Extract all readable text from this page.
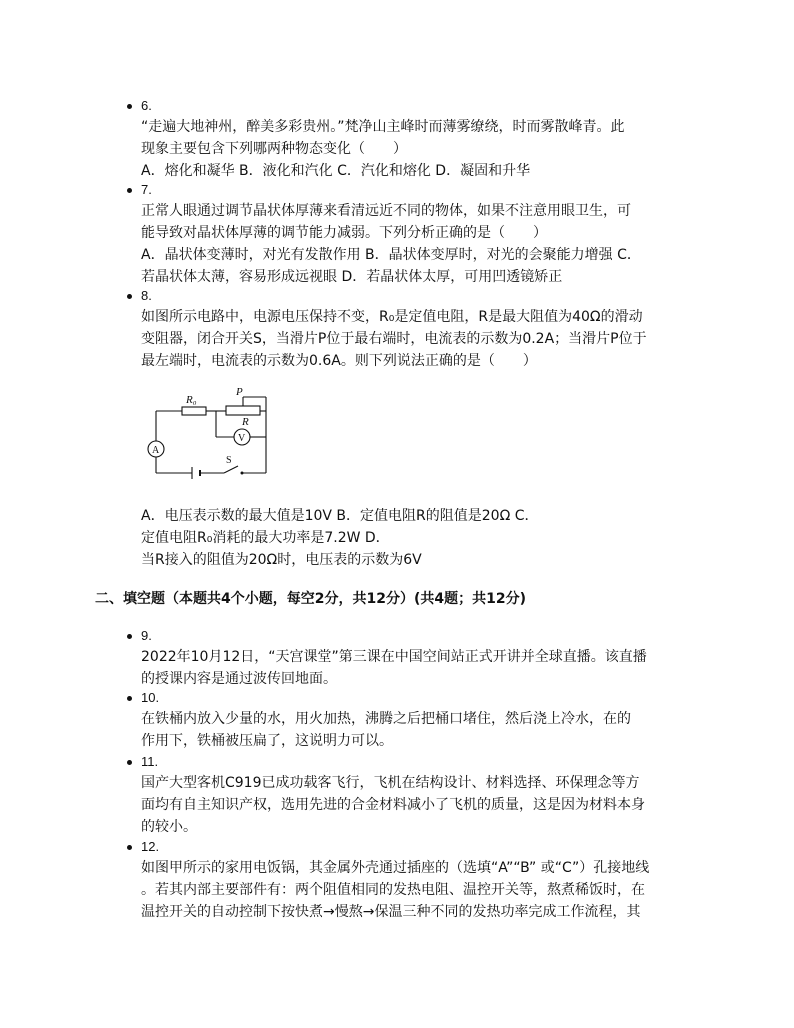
6.
“走遍大地神州，醉美多彩贵州。”梵净山主峰时而薄雾缭绕，时而雾散峰青。此
现象主要包含下列哪两种物态变化（　　）
A．熔化和凝华 B．液化和汽化 C．汽化和熔化 D．凝固和升华
7.
正常人眼通过调节晶状体厚薄来看清远近不同的物体，如果不注意用眼卫生，可
能导致对晶状体厚薄的调节能力减弱。下列分析正确的是（　　）
A．晶状体变薄时，对光有发散作用 B．晶状体变厚时，对光的会聚能力增强 C．
若晶状体太薄，容易形成远视眼 D．若晶状体太厚，可用凹透镜矫正
8.
如图所示电路中，电源电压保持不变，R₀是定值电阻，R是最大阻值为40Ω的滑动
变阻器，闭合开关S，当滑片P位于最右端时，电流表的示数为0.2A；当滑片P位于
最左端时，电流表的示数为0.6A。则下列说法正确的是（　　）
R₀
P
R
A
V
S
A．电压表示数的最大值是10V B．定值电阻R的阻值是20Ω C．
定值电阻R₀消耗的最大功率是7.2W D．
当R接入的阻值为20Ω时，电压表的示数为6V
二、填空题（本题共4个小题，每空2分，共12分）(共4题；共12分)
9.
2022年10月12日，“天宫课堂”第三课在中国空间站正式开讲并全球直播。该直播
的授课内容是通过波传回地面。
10.
在铁桶内放入少量的水，用火加热，沸腾之后把桶口堵住，然后浇上冷水，在的
作用下，铁桶被压扁了，这说明力可以。
11.
国产大型客机C919已成功载客飞行，飞机在结构设计、材料选择、环保理念等方
面均有自主知识产权，选用先进的合金材料减小了飞机的质量，这是因为材料本身
的较小。
12.
如图甲所示的家用电饭锅，其金属外壳通过插座的（选填“A”“B” 或“C”）孔接地线
。若其内部主要部件有：两个阻值相同的发热电阻、温控开关等，熬煮稀饭时，在
温控开关的自动控制下按快煮→慢熬→保温三种不同的发热功率完成工作流程，其
